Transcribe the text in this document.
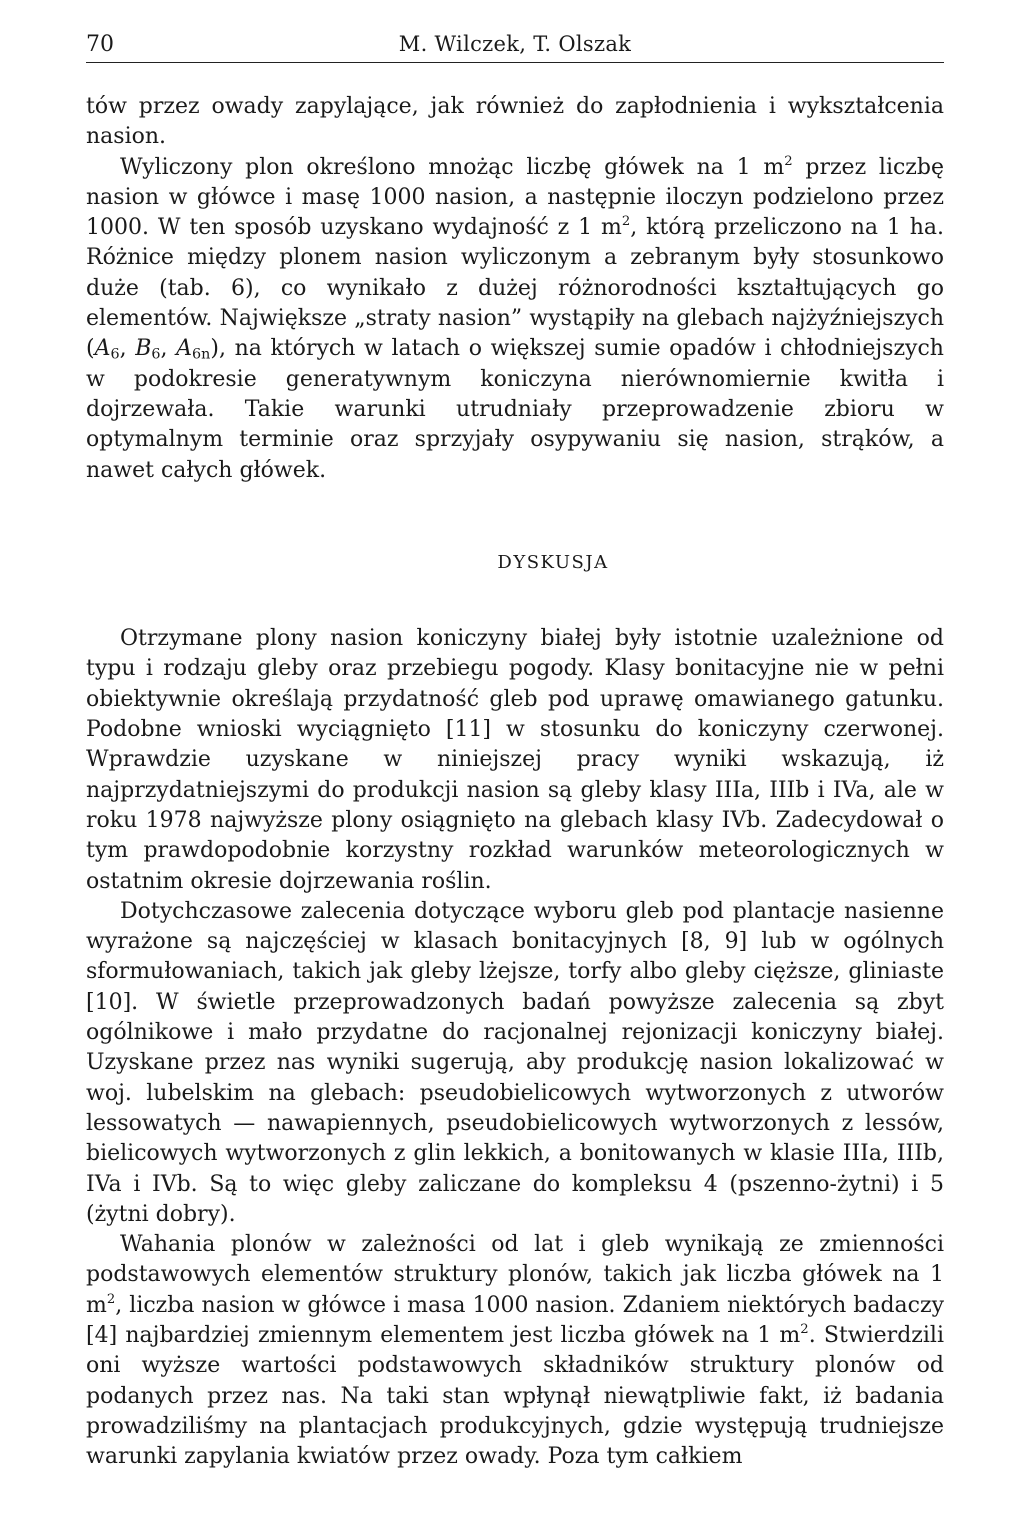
70	M. Wilczek, T. Olszak

tów przez owady zapylające, jak również do zapłodnienia i wykształcenia nasion.

Wyliczony plon określono mnożąc liczbę główek na 1 $m^2$ przez liczbę nasion w główce i masę 1000 nasion, a następnie iloczyn podzielono przez 1000. W ten sposób uzyskano wydajność z 1 $m^2$, którą przeliczono na 1 ha. Różnice między plonem nasion wyliczonym a zebranym były stosunkowo duże (tab. 6), co wynikało z dużej różnorodności kształtujących go elementów. Największe „straty nasion” wystąpiły na glebach najżyźniejszych ($A_6$, $B_6$, $A_{6n}$), na których w latach o większej sumie opadów i chłodniejszych w podokresie generatywnym koniczyna nierównomiernie kwitła i dojrzewała. Takie warunki utrudniały przeprowadzenie zbioru w optymalnym terminie oraz sprzyjały osypywaniu się nasion, strąków, a nawet całych główek.

DYSKUSJA

Otrzymane plony nasion koniczyny białej były istotnie uzależnione od typu i rodzaju gleby oraz przebiegu pogody. Klasy bonitacyjne nie w pełni obiektywnie określają przydatność gleb pod uprawę omawianego gatunku. Podobne wnioski wyciągnięto [11] w stosunku do koniczyny czerwonej. Wprawdzie uzyskane w niniejszej pracy wyniki wskazują, iż najprzydatniejszymi do produkcji nasion są gleby klasy IIIa, IIIb i IVa, ale w roku 1978 najwyższe plony osiągnięto na glebach klasy IVb. Zadecydował o tym prawdopodobnie korzystny rozkład warunków meteorologicznych w ostatnim okresie dojrzewania roślin.

Dotychczasowe zalecenia dotyczące wyboru gleb pod plantacje nasienne wyrażone są najczęściej w klasach bonitacyjnych [8, 9] lub w ogólnych sformułowaniach, takich jak gleby lżejsze, torfy albo gleby cięższe, gliniaste [10]. W świetle przeprowadzonych badań powyższe zalecenia są zbyt ogólnikowe i mało przydatne do racjonalnej rejonizacji koniczyny białej. Uzyskane przez nas wyniki sugerują, aby produkcję nasion lokalizować w woj. lubelskim na glebach: pseudobielicowych wytworzonych z utworów lessowatych — nawapiennych, pseudobielicowych wytworzonych z lessów, bielicowych wytworzonych z glin lekkich, a bonitowanych w klasie IIIa, IIIb, IVa i IVb. Są to więc gleby zaliczane do kompleksu 4 (pszenno-żytni) i 5 (żytni dobry).

Wahania plonów w zależności od lat i gleb wynikają ze zmienności podstawowych elementów struktury plonów, takich jak liczba główek na 1 $m^2$, liczba nasion w główce i masa 1000 nasion. Zdaniem niektórych badaczy [4] najbardziej zmiennym elementem jest liczba główek na 1 $m^2$. Stwierdzili oni wyższe wartości podstawowych składników struktury plonów od podanych przez nas. Na taki stan wpłynął niewątpliwie fakt, iż badania prowadziliśmy na plantacjach produkcyjnych, gdzie występują trudniejsze warunki zapylania kwiatów przez owady. Poza tym całkiem
